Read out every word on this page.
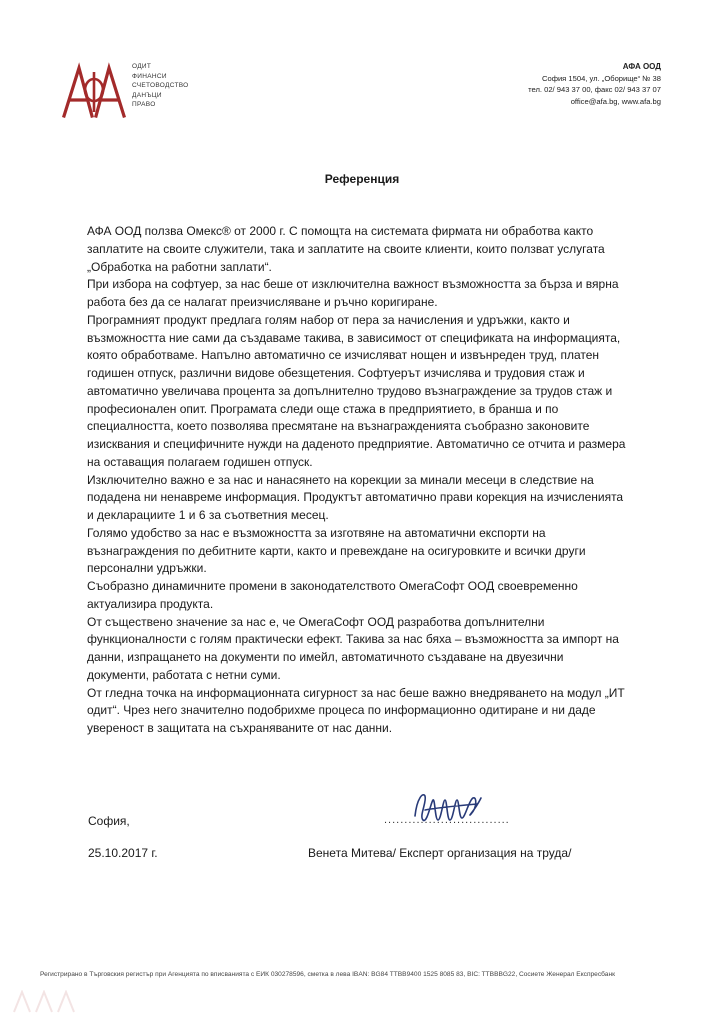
ОДИТ
ФИНАНСИ
СЧЕТОВОДСТВО
ДАНЪЦИ
ПРАВО
АФА ООД
София 1504, ул. „Оборище“ № 38
тел. 02/ 943 37 00, факс 02/ 943 37 07
office@afa.bg, www.afa.bg
Референция

АФА ООД ползва Омекс® от 2000 г. С помощта на системата фирмата ни обработва както

заплатите на своите служители, така и заплатите на своите клиенти, които ползват услугата

„Обработка на работни заплати“.

При избора на софтуер, за нас беше от изключителна важност възможността за бърза и вярна

работа без да се налагат преизчисляване и ръчно коригиране.

Програмният продукт предлага голям набор от пера за начисления и удръжки, както и

възможността ние сами да създаваме такива, в зависимост от спецификата на информацията,

която обработваме. Напълно автоматично се изчисляват нощен и извънреден труд, платен

годишен отпуск, различни видове обезщетения. Софтуерът изчислява и трудовия стаж и

автоматично увеличава процента за допълнително трудово възнаграждение за трудов стаж и

професионален опит. Програмата следи още стажа в предприятието, в бранша и по

специалността, което позволява пресмятане на възнагражденията съобразно законовите

изисквания и специфичните нужди на даденото предприятие. Автоматично се отчита и размера

на оставащия полагаем годишен отпуск.

Изключително важно е за нас и нанасянето на корекции за минали месеци в следствие на

подадена ни ненавреме информация. Продуктът автоматично прави корекция на изчисленията

и декларациите 1 и 6 за съответния месец.

Голямо удобство за нас е възможността за изготвяне на автоматични експорти на

възнаграждения по дебитните карти, както и превеждане на осигуровките и всички други

персонални удръжки.

Съобразно динамичните промени в законодателството ОмегаСофт ООД своевременно

актуализира продукта.

От съществено значение за нас е, че ОмегаСофт ООД разработва допълнителни

функционалности с голям практически ефект. Такива за нас бяха – възможността за импорт на

данни, изпращането на документи по имейл, автоматичното създаване на двуезични

документи, работата с нетни суми.

От гледна точка на информационната сигурност за нас беше важно внедряването на модул „ИТ

одит“. Чрез него значително подобрихме процеса по информационно одитиране и ни даде

увереност в защитата на съхраняваните от нас данни.

София,
25.10.2017 г.
...............................
Венета Митева/ Експерт организация на труда/
Регистрирано в Търговския регистър при Агенцията по вписванията с ЕИК 030278596, сметка в лева IBAN: BG84 TTBB9400 1525 8085 83, BIC: TTBBBG22, Сосиете Женерал Експресбанк
